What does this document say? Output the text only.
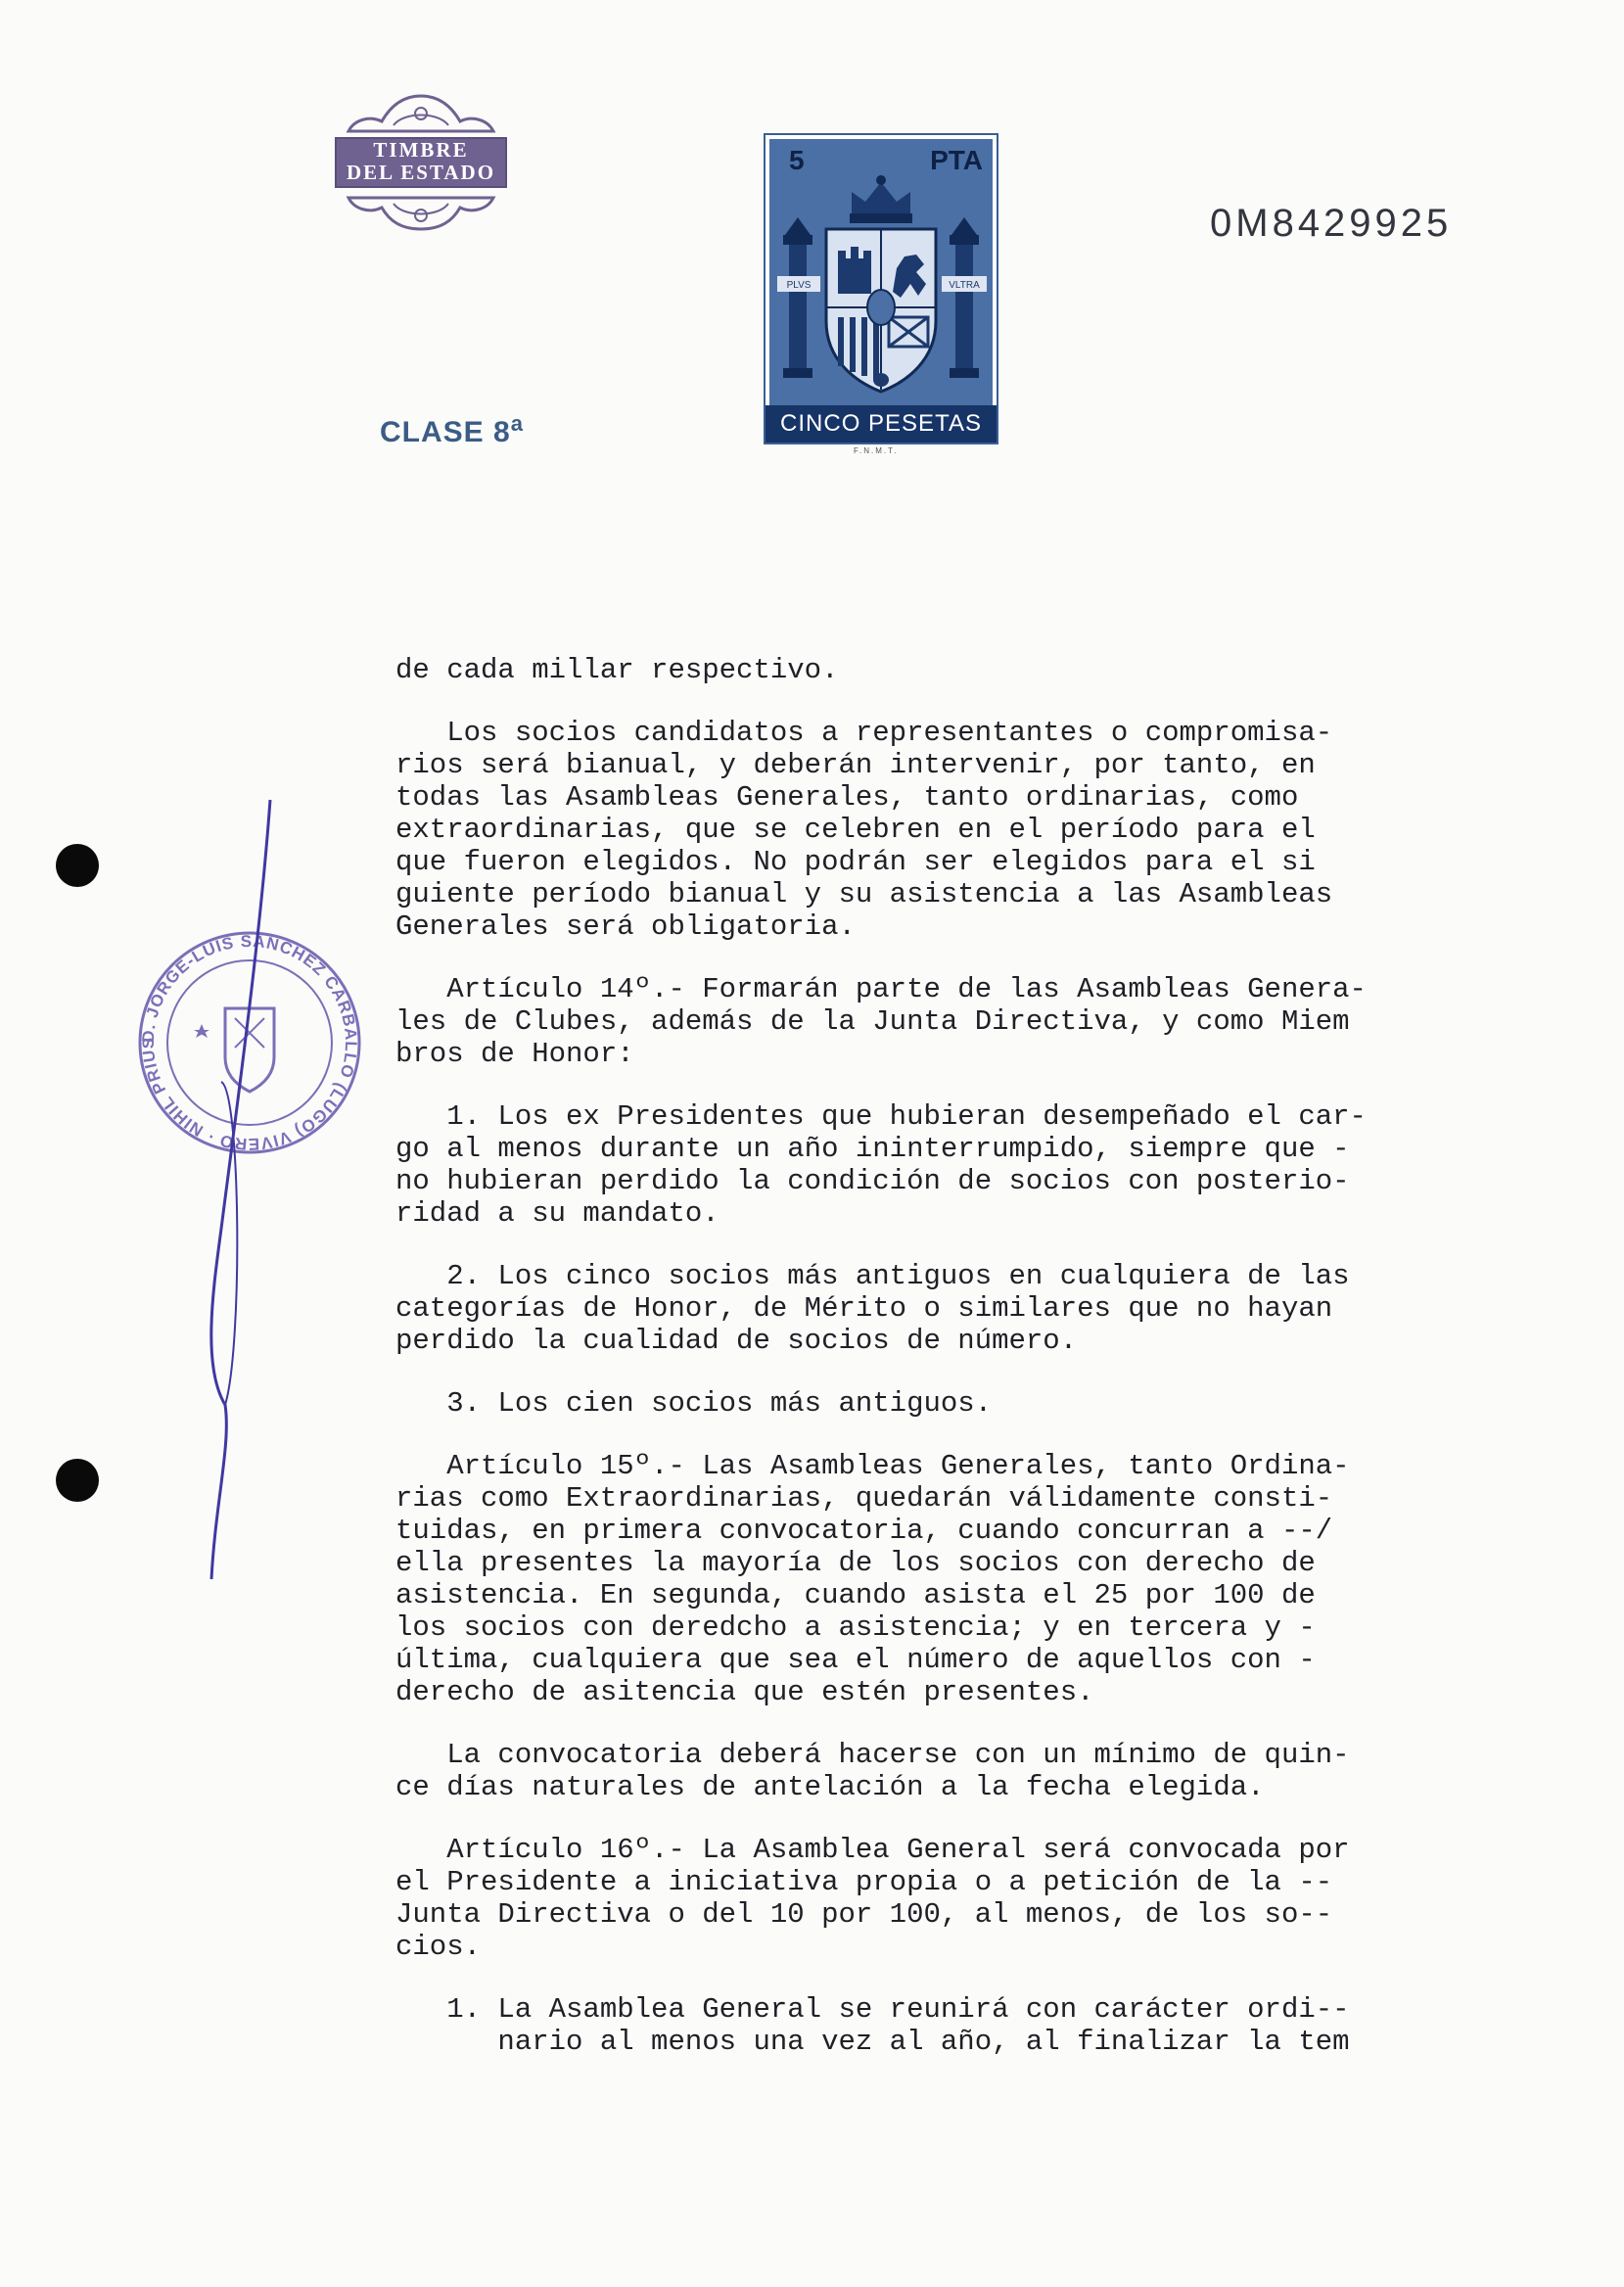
TIMBRE
DEL ESTADO
CLASE 8$^a$
5	PTA
PLVS	VLTRA
CINCO PESETAS
F.N.M.T.
0M8429925
D. JORGE-LUIS SANCHEZ CARBALLO (LUGO) VIVERO · NIHIL PRIUS

de cada millar respectivo.

Los socios candidatos a representantes o compromisa-

rios será bianual, y deberán intervenir, por tanto, en

todas las Asambleas Generales, tanto ordinarias, como

extraordinarias, que se celebren en el período para el

que fueron elegidos. No podrán ser elegidos para el si

guiente período bianual y su asistencia a las Asambleas

Generales será obligatoria.

Artículo 14º.- Formarán parte de las Asambleas Genera-

les de Clubes, además de la Junta Directiva, y como Miem

bros de Honor:

1. Los ex Presidentes que hubieran desempeñado el car-

go al menos durante un año ininterrumpido, siempre que -

no hubieran perdido la condición de socios con posterio-

ridad a su mandato.

2. Los cinco socios más antiguos en cualquiera de las

categorías de Honor, de Mérito o similares que no hayan

perdido la cualidad de socios de número.

3. Los cien socios más antiguos.

Artículo 15º.- Las Asambleas Generales, tanto Ordina-

rias como Extraordinarias, quedarán válidamente consti-

tuidas, en primera convocatoria, cuando concurran a --/

ella presentes la mayoría de los socios con derecho de

asistencia. En segunda, cuando asista el 25 por 100 de

los socios con deredcho a asistencia; y en tercera y -

última, cualquiera que sea el número de aquellos con -

derecho de asitencia que estén presentes.

La convocatoria deberá hacerse con un mínimo de quin-

ce días naturales de antelación a la fecha elegida.

Artículo 16º.- La Asamblea General será convocada por

el Presidente a iniciativa propia o a petición de la --

Junta Directiva o del 10 por 100, al menos, de los so--

cios.

1. La Asamblea General se reunirá con carácter ordi--

nario al menos una vez al año, al finalizar la tem
